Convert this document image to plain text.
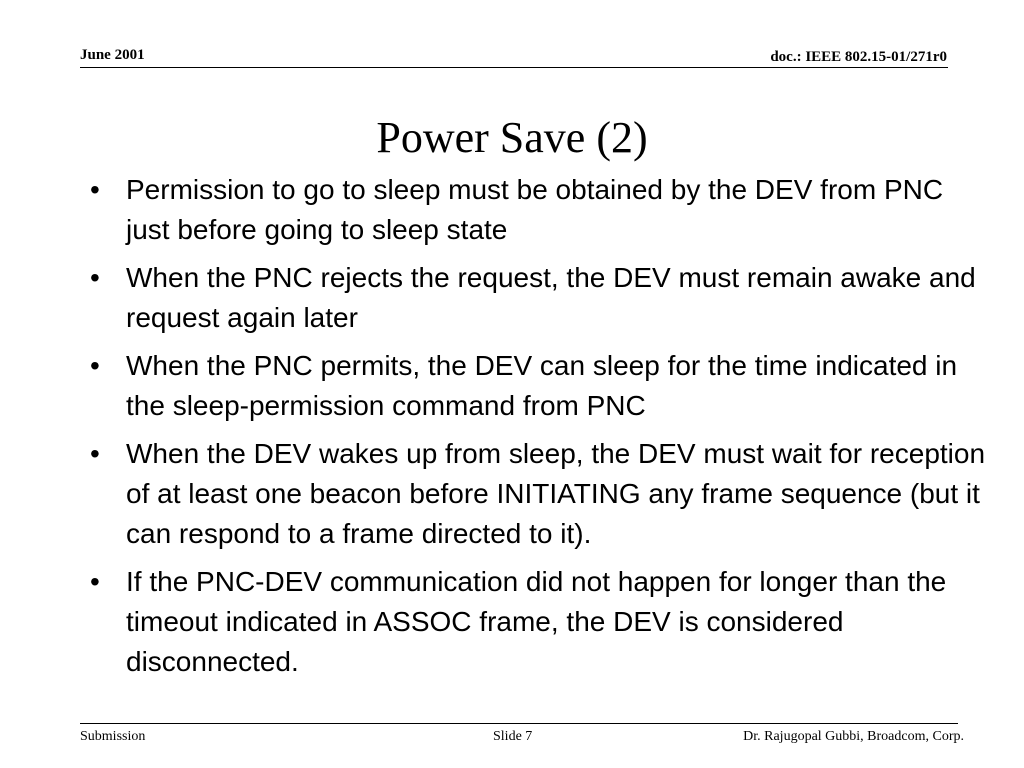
June 2001	doc.: IEEE 802.15-01/271r0
Power Save (2)
• Permission to go to sleep must be obtained by the DEV from PNC just before going to sleep state
• When the PNC rejects the request, the DEV must remain awake and request again later
• When the PNC permits, the DEV can sleep for the time indicated in the sleep-permission command from PNC
• When the DEV wakes up from sleep, the DEV must wait for reception of at least one beacon before INITIATING any frame sequence (but it can respond to a frame directed to it).
• If the PNC-DEV communication did not happen for longer than the timeout indicated in ASSOC frame, the DEV is considered disconnected.
Submission	Slide 7	Dr. Rajugopal Gubbi, Broadcom, Corp.
